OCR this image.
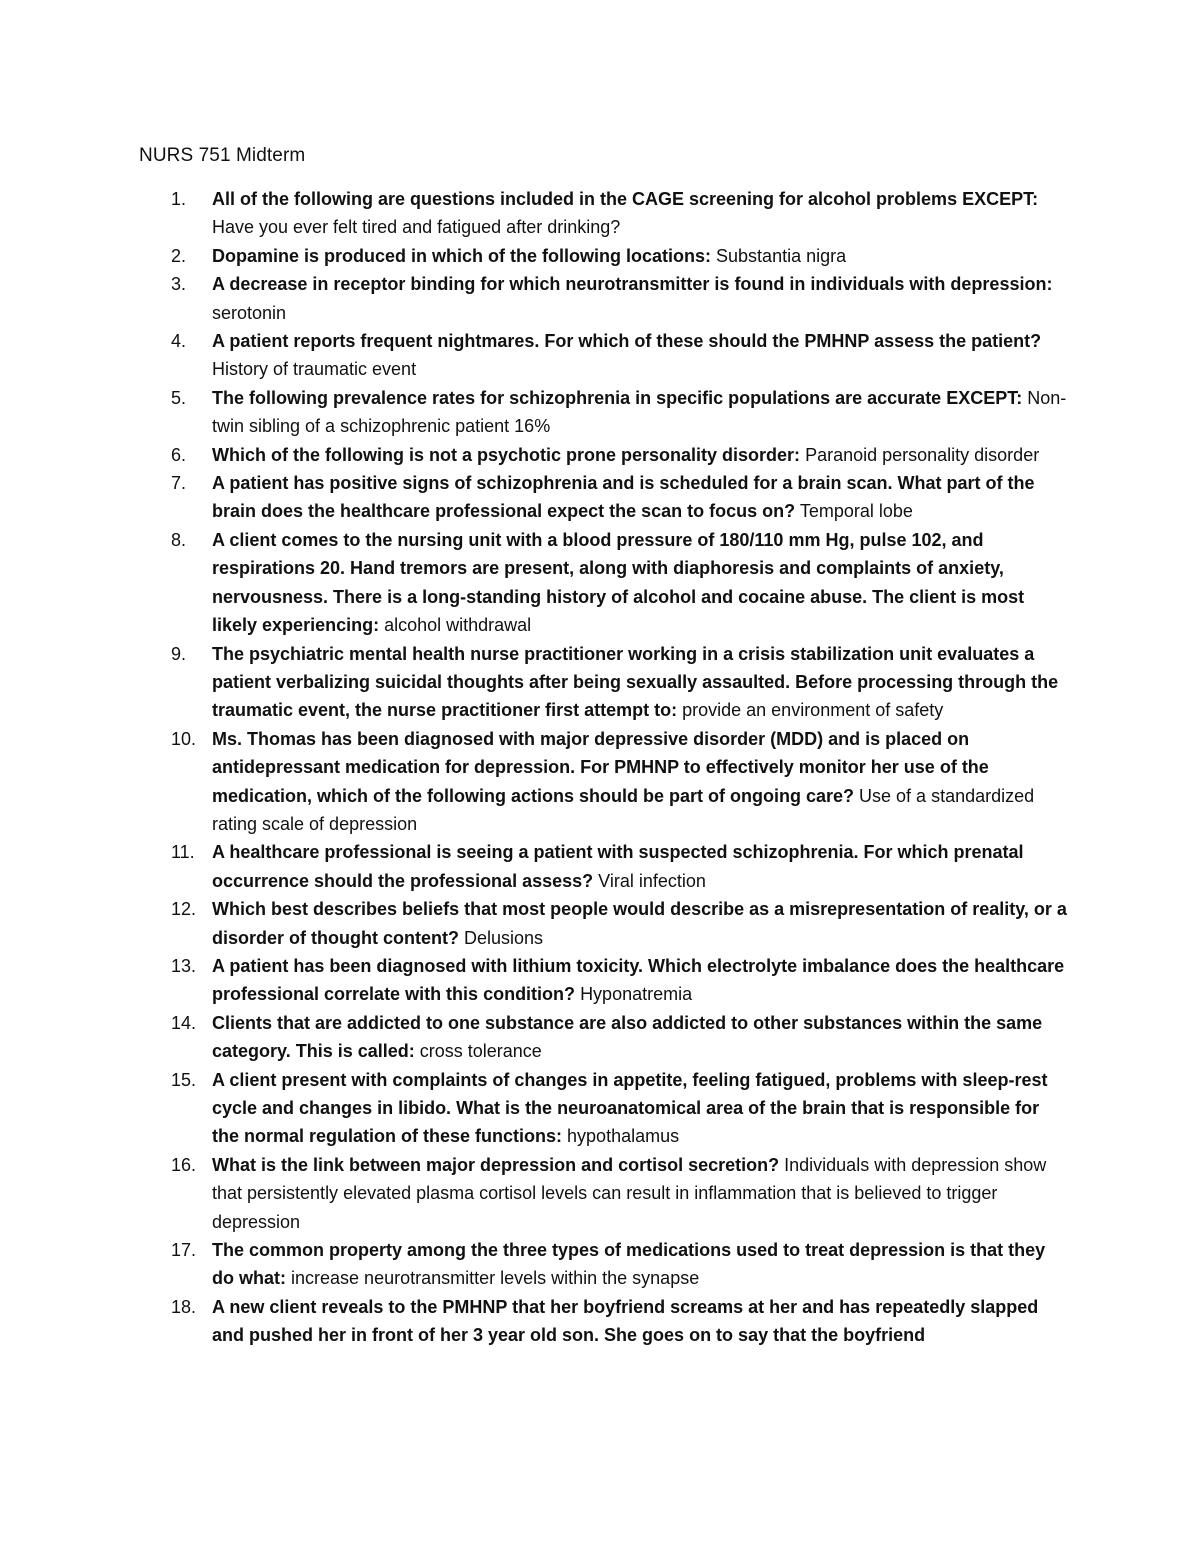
NURS 751 Midterm
1. All of the following are questions included in the CAGE screening for alcohol problems EXCEPT: Have you ever felt tired and fatigued after drinking?
2. Dopamine is produced in which of the following locations: Substantia nigra
3. A decrease in receptor binding for which neurotransmitter is found in individuals with depression: serotonin
4. A patient reports frequent nightmares. For which of these should the PMHNP assess the patient? History of traumatic event
5. The following prevalence rates for schizophrenia in specific populations are accurate EXCEPT: Non-twin sibling of a schizophrenic patient 16%
6. Which of the following is not a psychotic prone personality disorder: Paranoid personality disorder
7. A patient has positive signs of schizophrenia and is scheduled for a brain scan. What part of the brain does the healthcare professional expect the scan to focus on? Temporal lobe
8. A client comes to the nursing unit with a blood pressure of 180/110 mm Hg, pulse 102, and respirations 20. Hand tremors are present, along with diaphoresis and complaints of anxiety, nervousness. There is a long-standing history of alcohol and cocaine abuse. The client is most likely experiencing: alcohol withdrawal
9. The psychiatric mental health nurse practitioner working in a crisis stabilization unit evaluates a patient verbalizing suicidal thoughts after being sexually assaulted. Before processing through the traumatic event, the nurse practitioner first attempt to: provide an environment of safety
10. Ms. Thomas has been diagnosed with major depressive disorder (MDD) and is placed on antidepressant medication for depression. For PMHNP to effectively monitor her use of the medication, which of the following actions should be part of ongoing care? Use of a standardized rating scale of depression
11. A healthcare professional is seeing a patient with suspected schizophrenia. For which prenatal occurrence should the professional assess? Viral infection
12. Which best describes beliefs that most people would describe as a misrepresentation of reality, or a disorder of thought content? Delusions
13. A patient has been diagnosed with lithium toxicity. Which electrolyte imbalance does the healthcare professional correlate with this condition? Hyponatremia
14. Clients that are addicted to one substance are also addicted to other substances within the same category. This is called: cross tolerance
15. A client present with complaints of changes in appetite, feeling fatigued, problems with sleep-rest cycle and changes in libido. What is the neuroanatomical area of the brain that is responsible for the normal regulation of these functions: hypothalamus
16. What is the link between major depression and cortisol secretion? Individuals with depression show that persistently elevated plasma cortisol levels can result in inflammation that is believed to trigger depression
17. The common property among the three types of medications used to treat depression is that they do what: increase neurotransmitter levels within the synapse
18. A new client reveals to the PMHNP that her boyfriend screams at her and has repeatedly slapped and pushed her in front of her 3 year old son. She goes on to say that the boyfriend
